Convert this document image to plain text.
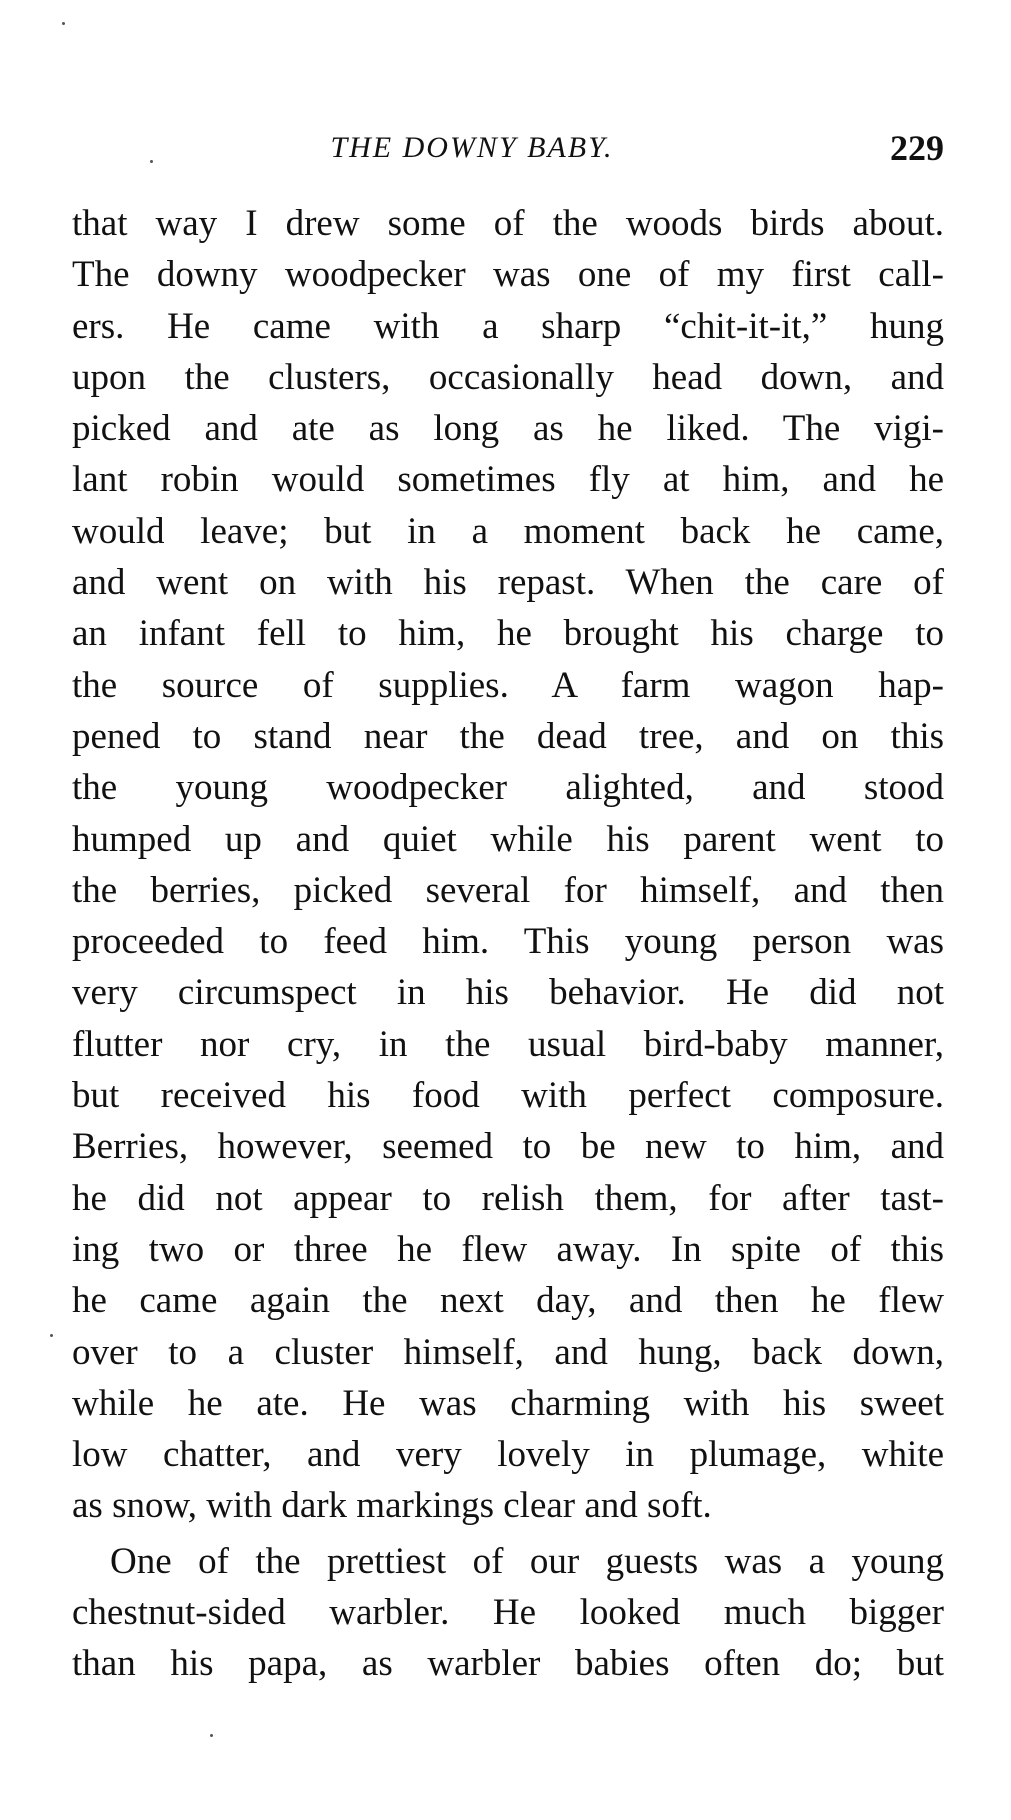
THE DOWNY BABY.	229
that way I drew some of the woods birds about.
The downy woodpecker was one of my first call-
ers. He came with a sharp “chit-it-it,” hung
upon the clusters, occasionally head down, and
picked and ate as long as he liked. The vigi-
lant robin would sometimes fly at him, and he
would leave; but in a moment back he came,
and went on with his repast. When the care of
an infant fell to him, he brought his charge to
the source of supplies. A farm wagon hap-
pened to stand near the dead tree, and on this
the young woodpecker alighted, and stood
humped up and quiet while his parent went to
the berries, picked several for himself, and then
proceeded to feed him. This young person was
very circumspect in his behavior. He did not
flutter nor cry, in the usual bird-baby manner,
but received his food with perfect composure.
Berries, however, seemed to be new to him, and
he did not appear to relish them, for after tast-
ing two or three he flew away. In spite of this
he came again the next day, and then he flew
over to a cluster himself, and hung, back down,
while he ate. He was charming with his sweet
low chatter, and very lovely in plumage, white
as snow, with dark markings clear and soft.
One of the prettiest of our guests was a young
chestnut-sided warbler. He looked much bigger
than his papa, as warbler babies often do; but
